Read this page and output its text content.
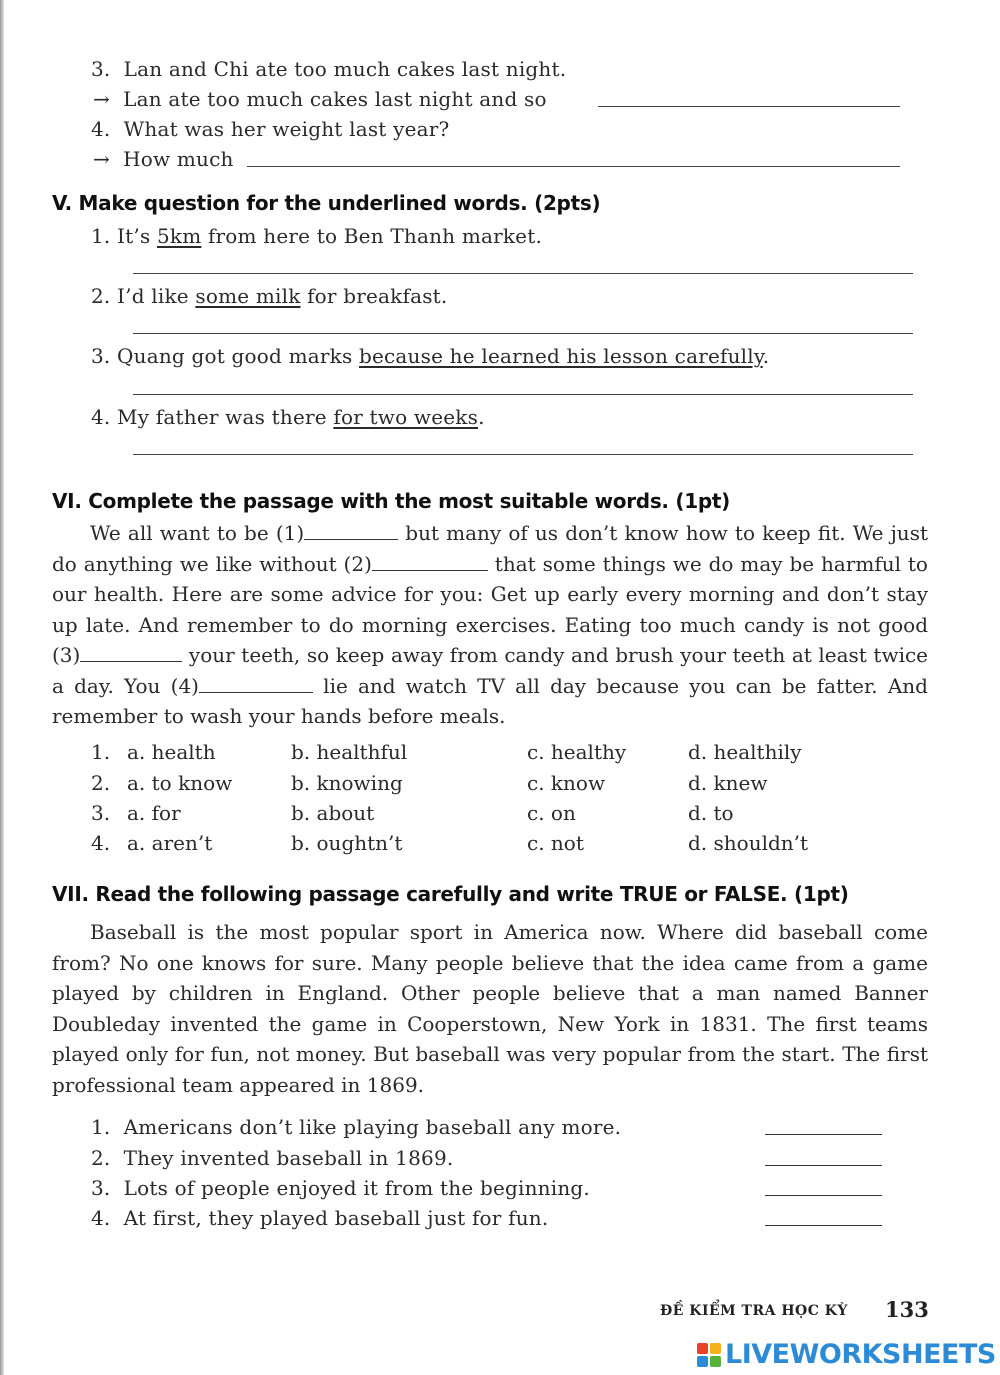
3. Lan and Chi ate too much cakes last night.
→ Lan ate too much cakes last night and so
4. What was her weight last year?
→ How much
V. Make question for the underlined words. (2pts)
1. It’s 5km from here to Ben Thanh market.
2. I’d like some milk for breakfast.
3. Quang got good marks because he learned his lesson carefully.
4. My father was there for two weeks.
VI. Complete the passage with the most suitable words. (1pt)

We all want to be (1)	but many of us don’t know how to keep fit. We just do anything we like without (2)	that some things we do may be harmful to our health. Here are some advice for you: Get up early every morning and don’t stay up late. And remember to do morning exercises. Eating too much candy is not good (3)	your teeth, so keep away from candy and brush your teeth at least twice a day. You (4)	lie and watch TV all day because you can be fatter. And remember to wash your hands before meals.

1. a. health	b. healthful	c. healthy	d. healthily
2. a. to know	b. knowing	c. know	d. knew
3. a. for	b. about	c. on	d. to
4. a. aren’t	b. oughtn’t	c. not	d. shouldn’t
VII. Read the following passage carefully and write TRUE or FALSE. (1pt)

Baseball is the most popular sport in America now. Where did baseball come from? No one knows for sure. Many people believe that the idea came from a game played by children in England. Other people believe that a man named Banner Doubleday invented the game in Cooperstown, New York in 1831. The first teams played only for fun, not money. But baseball was very popular from the start. The first professional team appeared in 1869.

1. Americans don’t like playing baseball any more.
2. They invented baseball in 1869.
3. Lots of people enjoyed it from the beginning.
4. At first, they played baseball just for fun.
ĐỀ KIỂM TRA HỌC KỲ 133
LIVEWORKSHEETS
